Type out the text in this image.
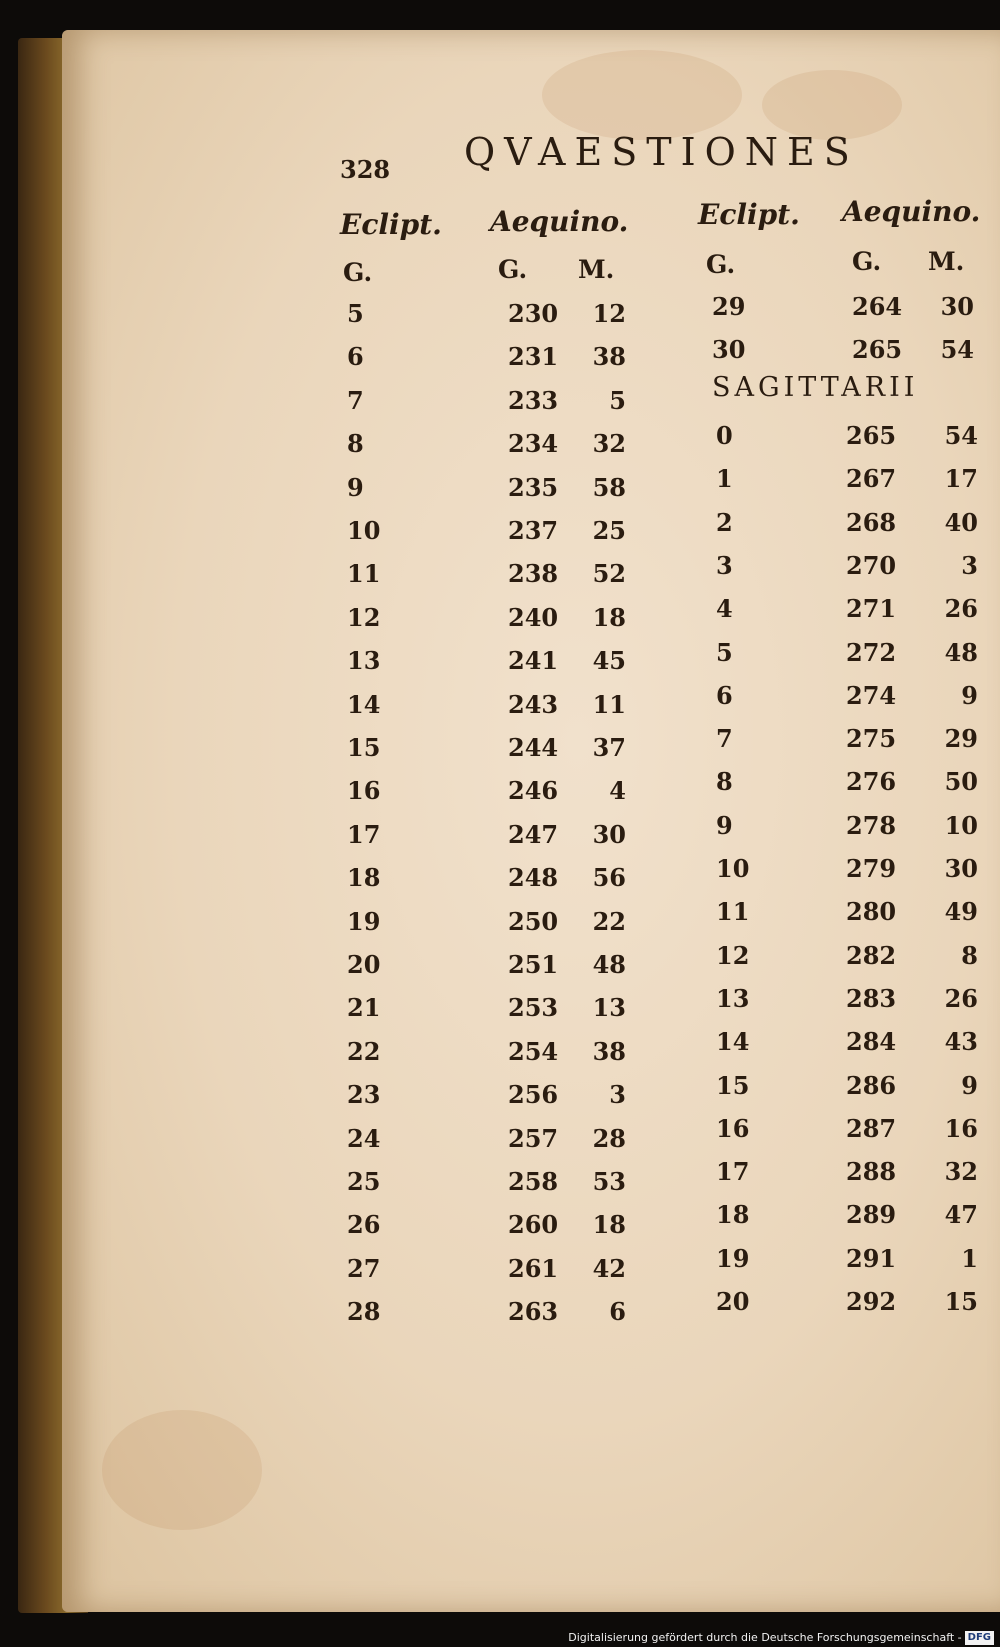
328 QVAESTIONES
Eclipt. Aequino.
G.	G. M.
Eclipt. Aequino.
G.	G. M.
SAGITTARII
5	230 12
6	231 38
7	233 5
8	234 32
9	235 58
10	237 25
11	238 52
12	240 18
13	241 45
14	243 11
15	244 37
16	246 4
17	247 30
18	248 56
19	250 22
20	251 48
21	253 13
22	254 38
23	256 3
24	257 28
25	258 53
26	260 18
27	261 42
28	263 6
29	264 30
30	265 54
0	265 54
1	267 17
2	268 40
3	270	3
4	271 26
5	272 48
6	274	9
7	275 29
8	276 50
9	278 10
10	279 30
11	280 49
12	282	8
13	283 26
14	284 43
15	286	9
16	287 16
17	288 32
18	289 47
19	291	1
20	292 15
Digitalisierung gefördert durch die Deutsche Forschungsgemeinschaft - DFG
